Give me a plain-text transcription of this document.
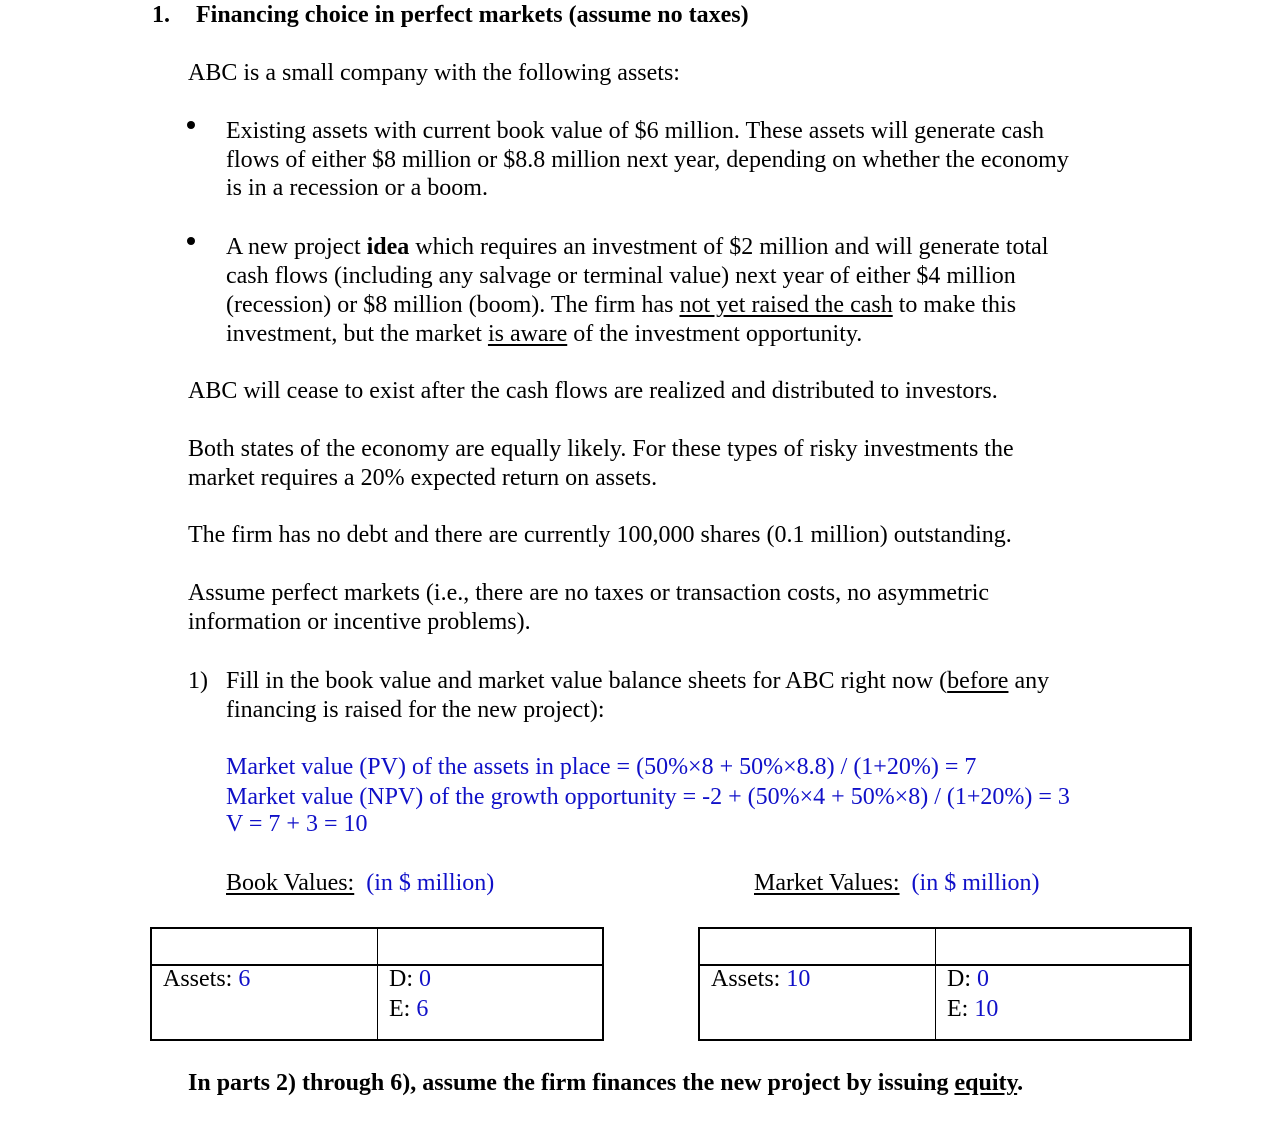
1. Financing choice in perfect markets (assume no taxes)
ABC is a small company with the following assets:
Existing assets with current book value of $6 million. These assets will generate cash
flows of either $8 million or $8.8 million next year, depending on whether the economy
is in a recession or a boom.
A new project idea which requires an investment of $2 million and will generate total
cash flows (including any salvage or terminal value) next year of either $4 million
(recession) or $8 million (boom). The firm has not yet raised the cash to make this
investment, but the market is aware of the investment opportunity.
ABC will cease to exist after the cash flows are realized and distributed to investors.
Both states of the economy are equally likely. For these types of risky investments the
market requires a 20% expected return on assets.
The firm has no debt and there are currently 100,000 shares (0.1 million) outstanding.
Assume perfect markets (i.e., there are no taxes or transaction costs, no asymmetric
information or incentive problems).
1) Fill in the book value and market value balance sheets for ABC right now (before any
financing is raised for the new project):
Market value (PV) of the assets in place = (50%×8 + 50%×8.8) / (1+20%) = 7
Market value (NPV) of the growth opportunity = -2 + (50%×4 + 50%×8) / (1+20%) = 3
V = 7 + 3 = 10
Book Values: (in $ million)	Market Values: (in $ million)
Assets: 6	D: 0
E: 6
Assets: 10	D: 0
E: 10
In parts 2) through 6), assume the firm finances the new project by issuing equity.
